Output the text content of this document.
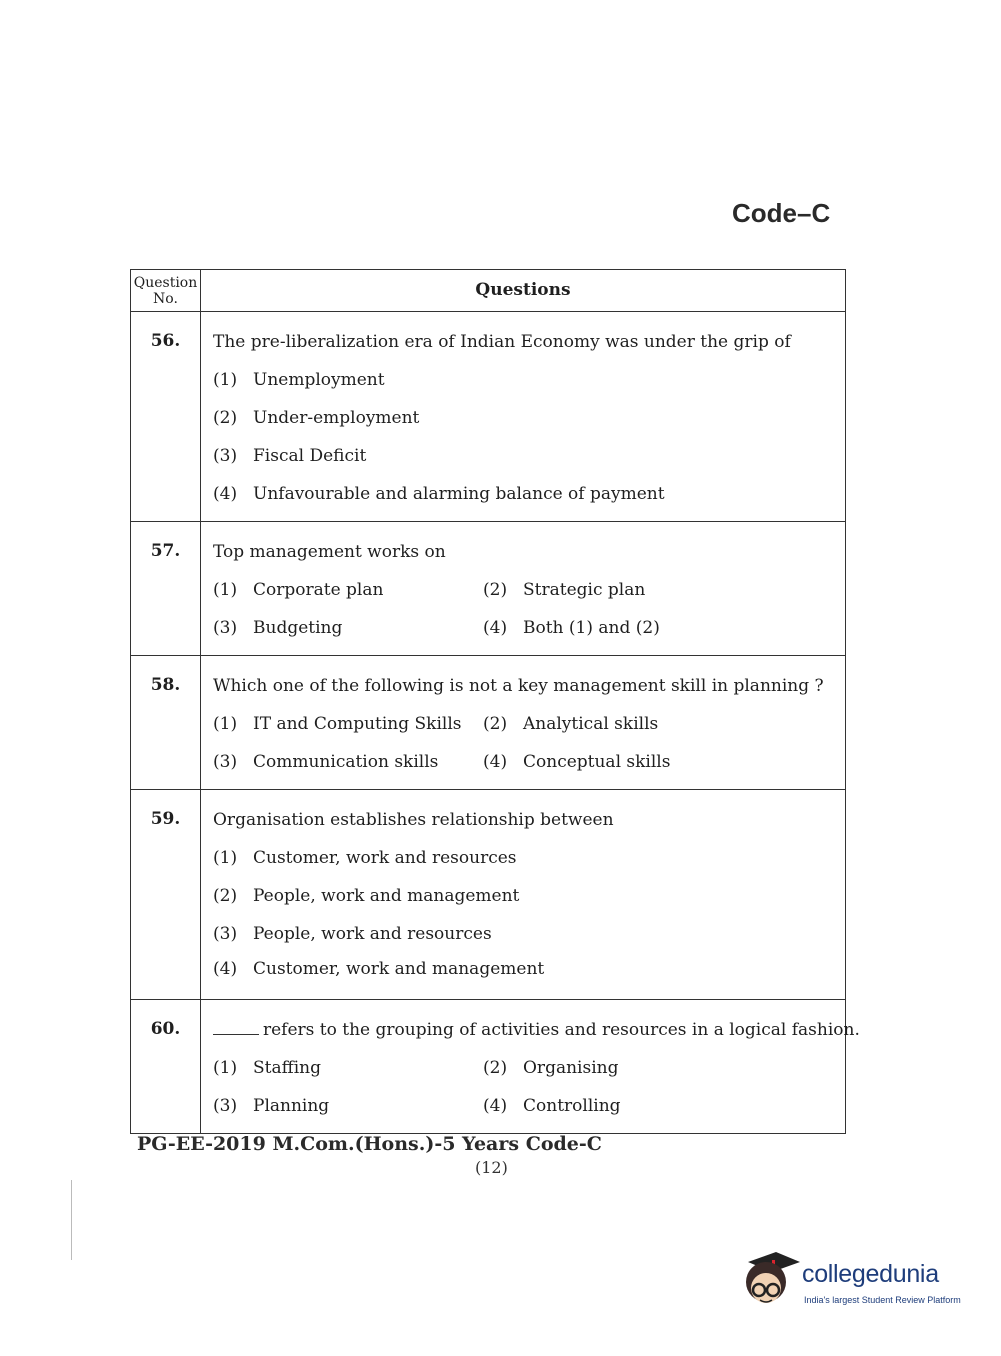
Code–C
Question
No.	Questions
56.	The pre-liberalization era of Indian Economy was under the grip of
(1) Unemployment
(2) Under-employment
(3) Fiscal Deficit
(4) Unfavourable and alarming balance of payment
57.	Top management works on
(1) Corporate plan	(2) Strategic plan
(3) Budgeting	(4) Both (1) and (2)
58.	Which one of the following is not a key management skill in planning ?
(1) IT and Computing Skills	(2) Analytical skills
(3) Communication skills	(4) Conceptual skills
59.	Organisation establishes relationship between
(1) Customer, work and resources
(2) People, work and management
(3) People, work and resources
(4) Customer, work and management
60.	refers to the grouping of activities and resources in a logical fashion.
(1) Staffing	(2) Organising
(3) Planning	(4) Controlling
PG-EE-2019 M.Com.(Hons.)-5 Years Code-C
(12)
collegedunia
India's largest Student Review Platform
